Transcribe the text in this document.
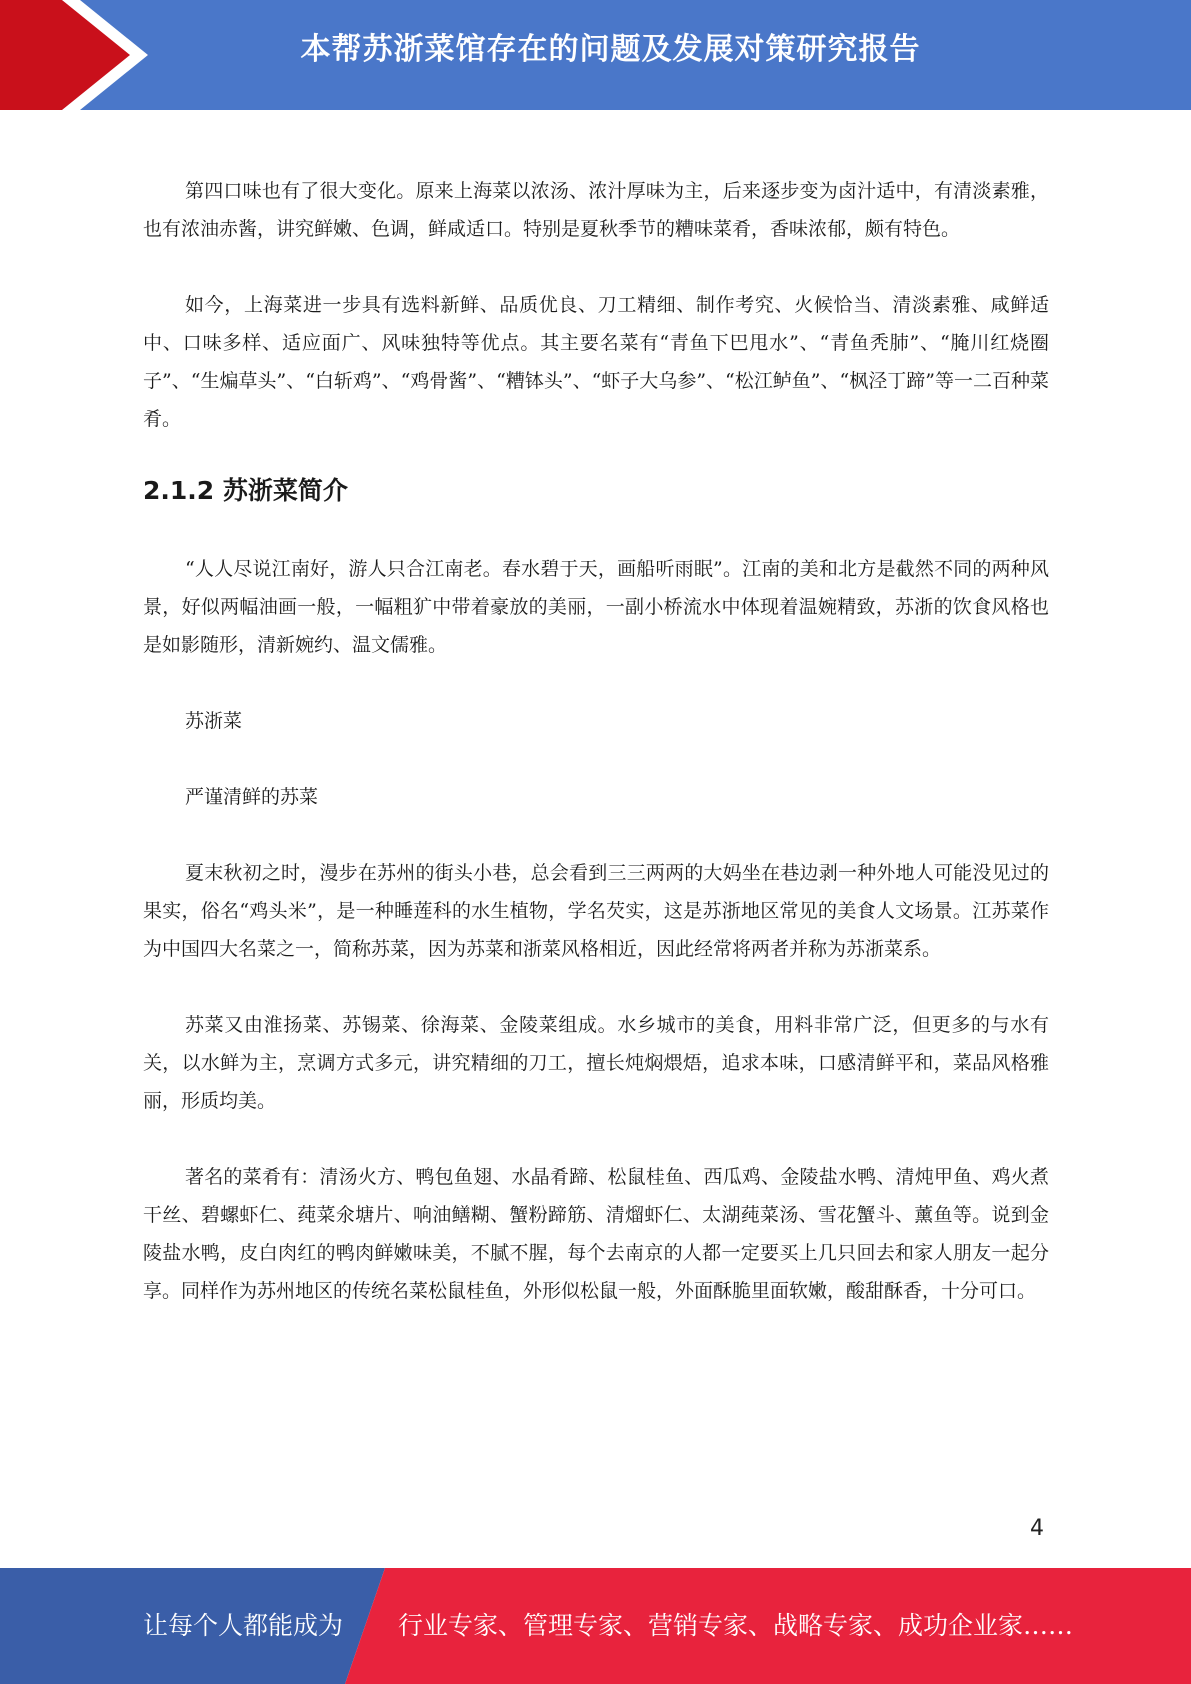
本帮苏浙菜馆存在的问题及发展对策研究报告

第四口味也有了很大变化。原来上海菜以浓汤、浓汁厚味为主，后来逐步变为卤汁适中，有清淡素雅，也有浓油赤酱，讲究鲜嫩、色调，鲜咸适口。特别是夏秋季节的糟味菜肴，香味浓郁，颇有特色。

如今，上海菜进一步具有选料新鲜、品质优良、刀工精细、制作考究、火候恰当、清淡素雅、咸鲜适中、口味多样、适应面广、风味独特等优点。其主要名菜有“青鱼下巴甩水”、“青鱼秃肺”、“腌川红烧圈子”、“生煸草头”、“白斩鸡”、“鸡骨酱”、“糟钵头”、“虾子大乌参”、“松江鲈鱼”、“枫泾丁蹄”等一二百种菜肴。

2.1.2 苏浙菜简介

“人人尽说江南好，游人只合江南老。春水碧于天，画船听雨眠”。江南的美和北方是截然不同的两种风景，好似两幅油画一般，一幅粗犷中带着豪放的美丽，一副小桥流水中体现着温婉精致，苏浙的饮食风格也是如影随形，清新婉约、温文儒雅。

苏浙菜

严谨清鲜的苏菜

夏末秋初之时，漫步在苏州的街头小巷，总会看到三三两两的大妈坐在巷边剥一种外地人可能没见过的果实，俗名“鸡头米”，是一种睡莲科的水生植物，学名芡实，这是苏浙地区常见的美食人文场景。江苏菜作为中国四大名菜之一，简称苏菜，因为苏菜和浙菜风格相近，因此经常将两者并称为苏浙菜系。

苏菜又由淮扬菜、苏锡菜、徐海菜、金陵菜组成。水乡城市的美食，用料非常广泛，但更多的与水有关，以水鲜为主，烹调方式多元，讲究精细的刀工，擅长炖焖煨焐，追求本味，口感清鲜平和，菜品风格雅丽，形质均美。

著名的菜肴有：清汤火方、鸭包鱼翅、水晶肴蹄、松鼠桂鱼、西瓜鸡、金陵盐水鸭、清炖甲鱼、鸡火煮干丝、碧螺虾仁、莼菜氽塘片、响油鳝糊、蟹粉蹄筋、清熘虾仁、太湖莼菜汤、雪花蟹斗、薰鱼等。说到金陵盐水鸭，皮白肉红的鸭肉鲜嫩味美，不腻不腥，每个去南京的人都一定要买上几只回去和家人朋友一起分享。同样作为苏州地区的传统名菜松鼠桂鱼，外形似松鼠一般，外面酥脆里面软嫩，酸甜酥香，十分可口。

4
让每个人都能成为 行业专家、管理专家、营销专家、战略专家、成功企业家……
